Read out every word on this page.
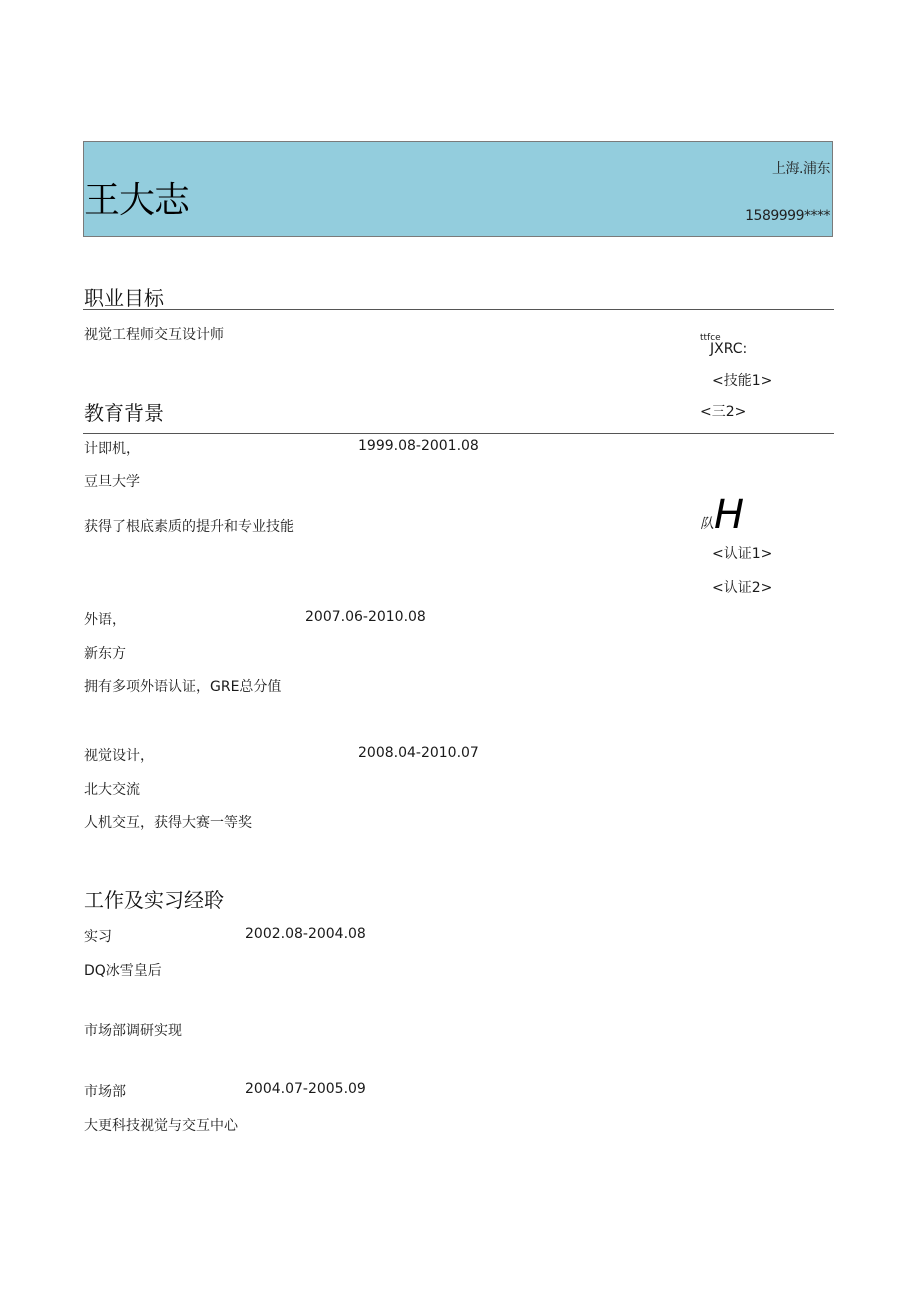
王大志
上海.浦东
1589999****
职业目标
视觉工程师交互设计师	ttfce
JXRC:
<技能1>
<三2>
教育背景
计即机，	1999.08-2001.08
豆旦大学
获得了根底素质的提升和专业技能	队H
<认证1>
<认证2>
外语，	2007.06-2010.08
新东方
拥有多项外语认证，GRE总分值
视觉设计，	2008.04-2010.07
北大交流
人机交互，获得大赛一等奖
工作及实习经聆
实习	2002.08-2004.08
DQ冰雪皇后
市场部调研实现
市场部	2004.07-2005.09
大更科技视觉与交互中心
